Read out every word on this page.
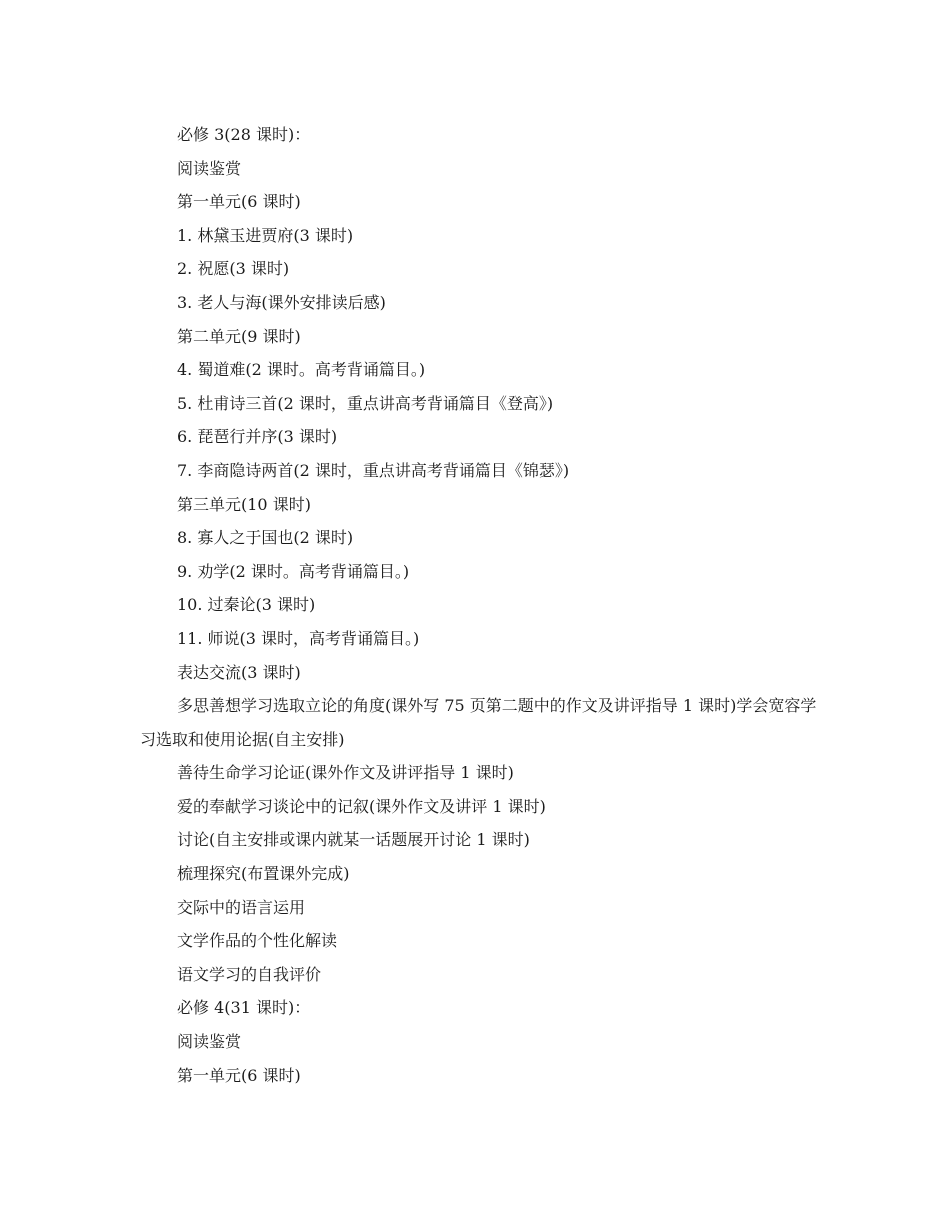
必修 3(28 课时)：
阅读鉴赏
第一单元(6 课时)
1. 林黛玉进贾府(3 课时)
2. 祝愿(3 课时)
3. 老人与海(课外安排读后感)
第二单元(9 课时)
4. 蜀道难(2 课时。高考背诵篇目。)
5. 杜甫诗三首(2 课时，重点讲高考背诵篇目《登高》)
6. 琵琶行并序(3 课时)
7. 李商隐诗两首(2 课时，重点讲高考背诵篇目《锦瑟》)
第三单元(10 课时)
8. 寡人之于国也(2 课时)
9. 劝学(2 课时。高考背诵篇目。)
10. 过秦论(3 课时)
11. 师说(3 课时，高考背诵篇目。)
表达交流(3 课时)
多思善想学习选取立论的角度(课外写 75 页第二题中的作文及讲评指导 1 课时)学会宽容学习选取和使用论据(自主安排)
善待生命学习论证(课外作文及讲评指导 1 课时)
爱的奉献学习谈论中的记叙(课外作文及讲评 1 课时)
讨论(自主安排或课内就某一话题展开讨论 1 课时)
梳理探究(布置课外完成)
交际中的语言运用
文学作品的个性化解读
语文学习的自我评价
必修 4(31 课时)：
阅读鉴赏
第一单元(6 课时)
